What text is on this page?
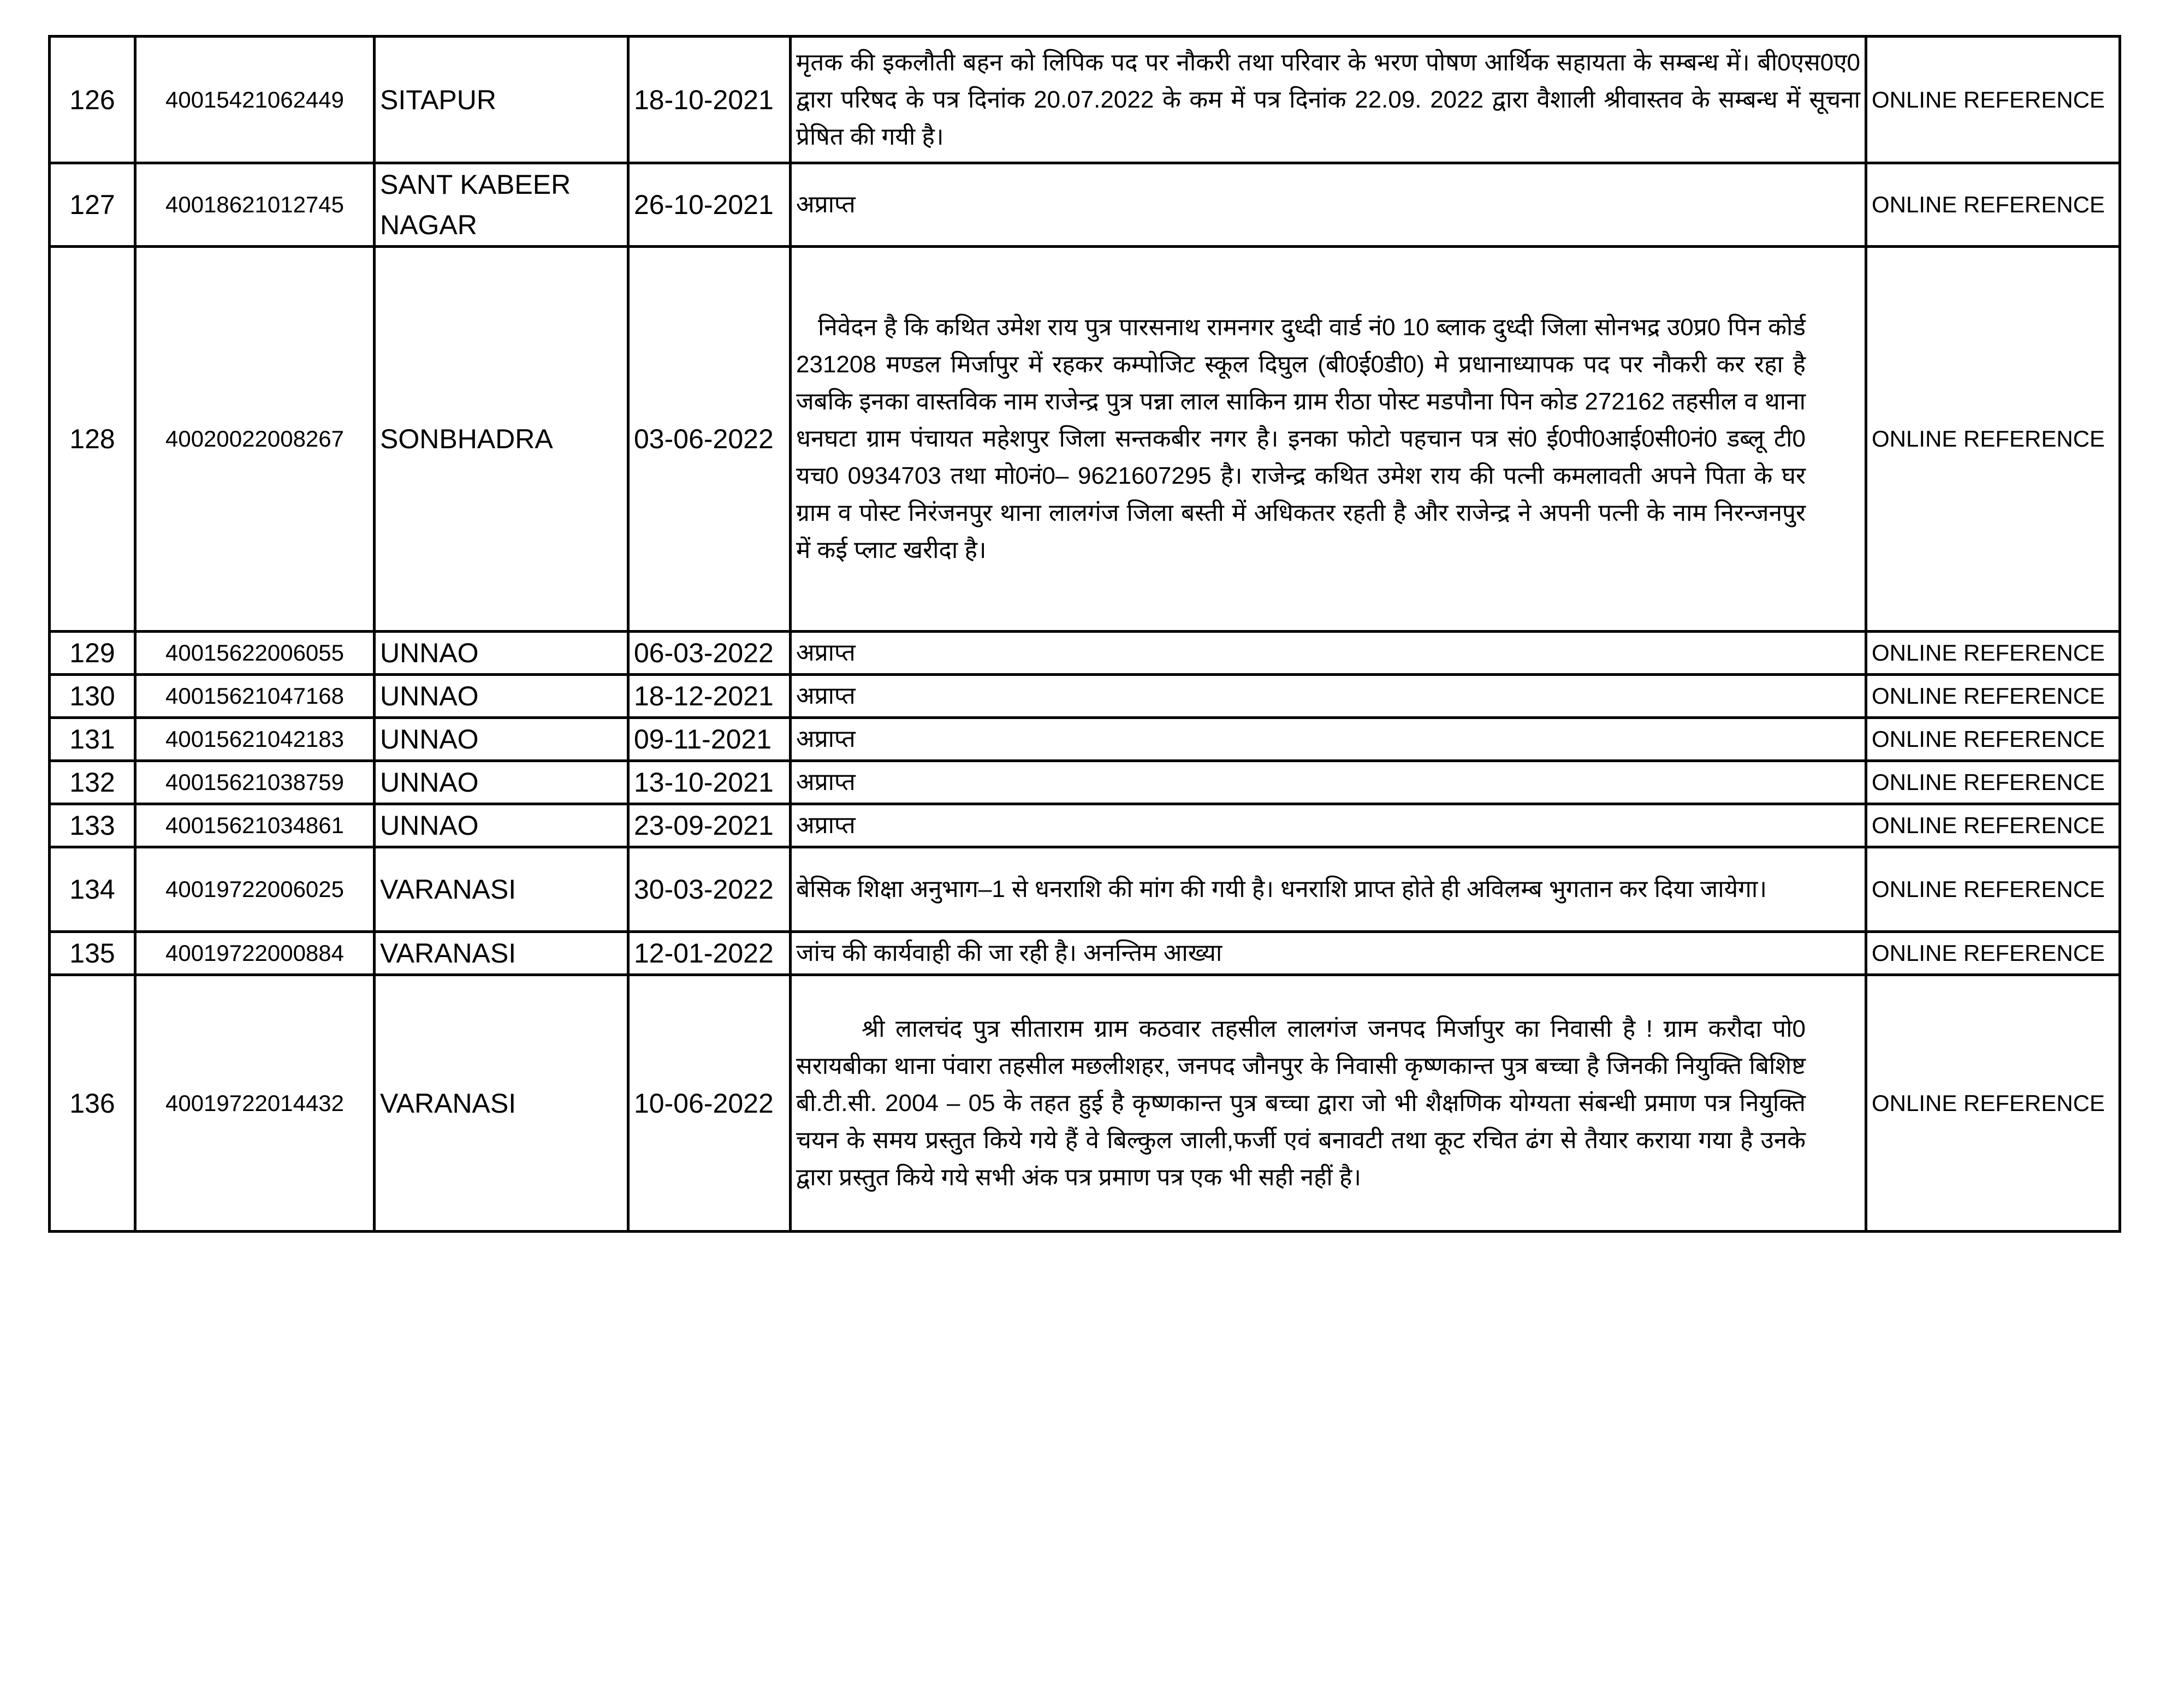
126	40015421062449	SITAPUR	18-10-2021	मृतक की इकलौती बहन को लिपिक पद पर नौकरी तथा परिवार के भरण पोषण आर्थिक सहायता के सम्बन्ध में। बी0एस0ए0 द्वारा परिषद के पत्र दिनांक 20.07.2022 के कम में पत्र दिनांक 22.09. 2022 द्वारा वैशाली श्रीवास्तव के सम्बन्ध में सूचना प्रेषित की गयी है।	ONLINE REFERENCE
127	40018621012745	SANT KABEER NAGAR	26-10-2021	अप्राप्त	ONLINE REFERENCE
128	40020022008267	SONBHADRA	03-06-2022	निवेदन है कि कथित उमेश राय पुत्र पारसनाथ रामनगर दुध्दी वार्ड नं0 10 ब्लाक दुध्दी जिला सोनभद्र उ0प्र0 पिन कोर्ड 231208 मण्डल मिर्जापुर में रहकर कम्पोजिट स्कूल दिघुल (बी0ई0डी0) मे प्रधानाध्यापक पद पर नौकरी कर रहा है जबकि इनका वास्तविक नाम राजेन्द्र पुत्र पन्ना लाल साकिन ग्राम रीठा पोस्ट मडपौना पिन कोड 272162 तहसील व थाना धनघटा ग्राम पंचायत महेशपुर जिला सन्तकबीर नगर है। इनका फोटो पहचान पत्र सं0 ई0पी0आई0सी0नं0 डब्लू टी0 यच0 0934703 तथा मो0नं0– 9621607295 है। राजेन्द्र कथित उमेश राय की पत्नी कमलावती अपने पिता के घर ग्राम व पोस्ट निरंजनपुर थाना लालगंज जिला बस्ती में अधिकतर रहती है और राजेन्द्र ने अपनी पत्नी के नाम निरन्जनपुर में कई प्लाट खरीदा है।	ONLINE REFERENCE
129	40015622006055	UNNAO	06-03-2022	अप्राप्त	ONLINE REFERENCE
130	40015621047168	UNNAO	18-12-2021	अप्राप्त	ONLINE REFERENCE
131	40015621042183	UNNAO	09-11-2021	अप्राप्त	ONLINE REFERENCE
132	40015621038759	UNNAO	13-10-2021	अप्राप्त	ONLINE REFERENCE
133	40015621034861	UNNAO	23-09-2021	अप्राप्त	ONLINE REFERENCE
134	40019722006025	VARANASI	30-03-2022	बेसिक शिक्षा अनुभाग–1 से धनराशि की मांग की गयी है। धनराशि प्राप्त होते ही अविलम्ब भुगतान कर दिया जायेगा।	ONLINE REFERENCE
135	40019722000884	VARANASI	12-01-2022	जांच की कार्यवाही की जा रही है। अनन्तिम आख्या	ONLINE REFERENCE
136	40019722014432	VARANASI	10-06-2022	श्री लालचंद पुत्र सीताराम ग्राम कठवार तहसील लालगंज जनपद मिर्जापुर का निवासी है ! ग्राम करौदा पो0 सरायबीका थाना पंवारा तहसील मछलीशहर, जनपद जौनपुर के निवासी कृष्णकान्त पुत्र बच्चा है जिनकी नियुक्ति बिशिष्ट बी.टी.सी. 2004 – 05 के तहत हुई है कृष्णकान्त पुत्र बच्चा द्वारा जो भी शैक्षणिक योग्यता संबन्धी प्रमाण पत्र नियुक्ति चयन के समय प्रस्तुत किये गये हैं वे बिल्कुल जाली,फर्जी एवं बनावटी तथा कूट रचित ढंग से तैयार कराया गया है उनके द्वारा प्रस्तुत किये गये सभी अंक पत्र प्रमाण पत्र एक भी सही नहीं है।	ONLINE REFERENCE
